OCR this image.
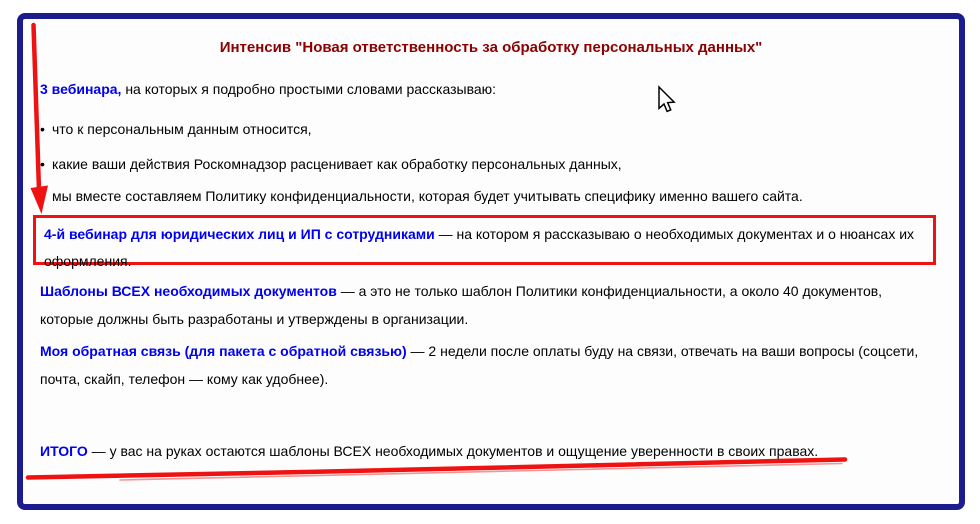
Интенсив "Новая ответственность за обработку персональных данных"

3 вебинара, на которых я подробно простыми словами рассказываю:

• что к персональным данным относится,

• какие ваши действия Роскомнадзор расценивает как обработку персональных данных,

• мы вместе составляем Политику конфиденциальности, которая будет учитывать специфику именно вашего сайта.

4-й вебинар для юридических лиц и ИП с сотрудниками — на котором я рассказываю о необходимых документах и о нюансах их оформления.

Шаблоны ВСЕХ необходимых документов — а это не только шаблон Политики конфиденциальности, а около 40 документов, которые должны быть разработаны и утверждены в организации.

Моя обратная связь (для пакета с обратной связью) — 2 недели после оплаты буду на связи, отвечать на ваши вопросы (соцсети, почта, скайп, телефон — кому как удобнее).

ИТОГО — у вас на руках остаются шаблоны ВСЕХ необходимых документов и ощущение уверенности в своих правах.
